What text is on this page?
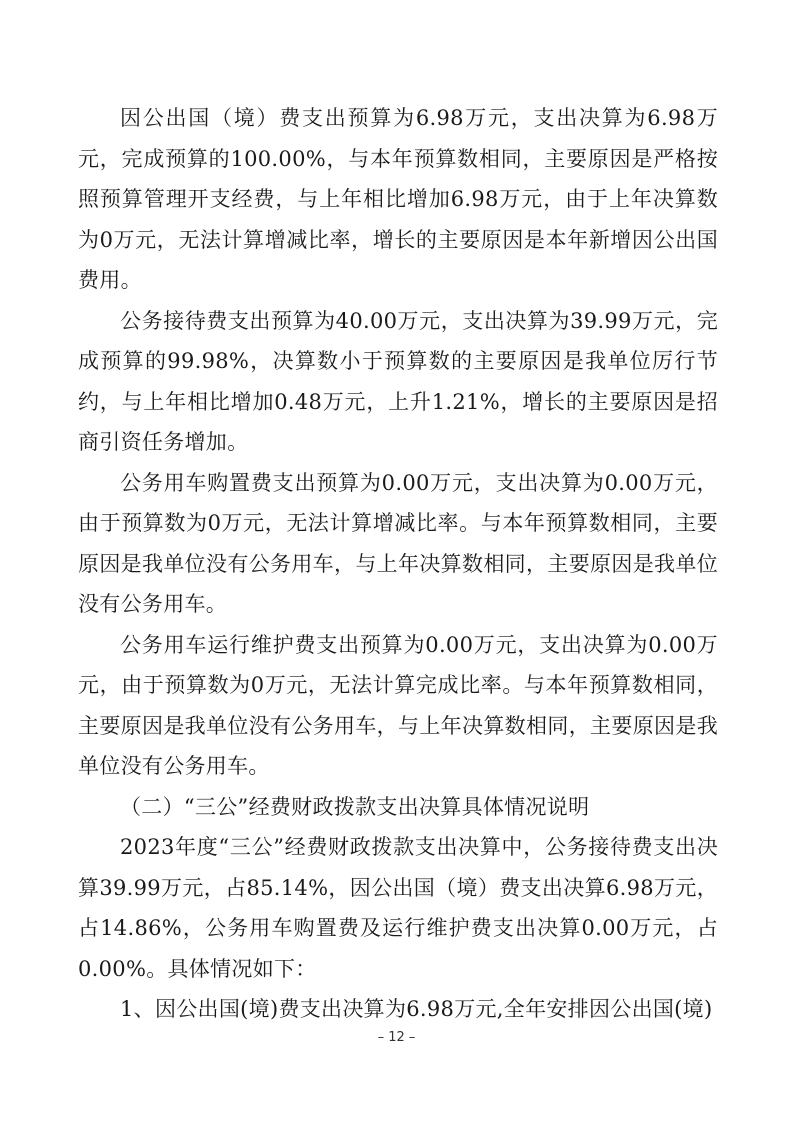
因公出国（境）费支出预算为6.98万元，支出决算为6.98万元，完成预算的100.00%，与本年预算数相同，主要原因是严格按照预算管理开支经费，与上年相比增加6.98万元，由于上年决算数为0万元，无法计算增减比率，增长的主要原因是本年新增因公出国费用。

公务接待费支出预算为40.00万元，支出决算为39.99万元，完成预算的99.98%，决算数小于预算数的主要原因是我单位厉行节约，与上年相比增加0.48万元，上升1.21%，增长的主要原因是招商引资任务增加。

公务用车购置费支出预算为0.00万元，支出决算为0.00万元，由于预算数为0万元，无法计算增减比率。与本年预算数相同，主要原因是我单位没有公务用车，与上年决算数相同，主要原因是我单位没有公务用车。

公务用车运行维护费支出预算为0.00万元，支出决算为0.00万元，由于预算数为0万元，无法计算完成比率。与本年预算数相同，主要原因是我单位没有公务用车，与上年决算数相同，主要原因是我单位没有公务用车。

（二）“三公”经费财政拨款支出决算具体情况说明

2023年度“三公”经费财政拨款支出决算中，公务接待费支出决算39.99万元，占85.14%，因公出国（境）费支出决算6.98万元，占14.86%，公务用车购置费及运行维护费支出决算0.00万元，占0.00%。具体情况如下：

1、因公出国(境)费支出决算为6.98万元,全年安排因公出国(境)

– 12 –
